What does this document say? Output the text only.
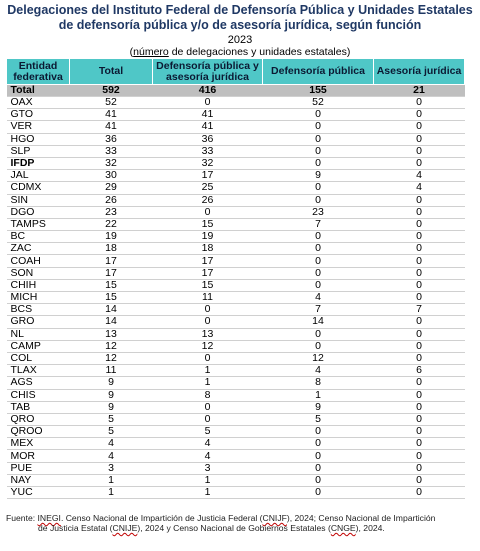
Delegaciones del Instituto Federal de Defensoría Pública y Unidades Estatales
de defensoría pública y/o de asesoría jurídica, según función
2023
(número de delegaciones y unidades estatales)
Entidad federativa	Total	Defensoría pública y asesoría jurídica	Defensoría pública	Asesoría jurídica
Total	592	416	155	21
OAX	52	0	52	0
GTO	41	41	0	0
VER	41	41	0	0
HGO	36	36	0	0
SLP	33	33	0	0
IFDP	32	32	0	0
JAL	30	17	9	4
CDMX	29	25	0	4
SIN	26	26	0	0
DGO	23	0	23	0
TAMPS	22	15	7	0
BC	19	19	0	0
ZAC	18	18	0	0
COAH	17	17	0	0
SON	17	17	0	0
CHIH	15	15	0	0
MICH	15	11	4	0
BCS	14	0	7	7
GRO	14	0	14	0
NL	13	13	0	0
CAMP	12	12	0	0
COL	12	0	12	0
TLAX	11	1	4	6
AGS	9	1	8	0
CHIS	9	8	1	0
TAB	9	0	9	0
QRO	5	0	5	0
QROO	5	5	0	0
MEX	4	4	0	0
MOR	4	4	0	0
PUE	3	3	0	0
NAY	1	1	0	0
YUC	1	1	0	0
Fuente: INEGI. Censo Nacional de Impartición de Justicia Federal (CNIJF), 2024; Censo Nacional de Impartición
de Justicia Estatal (CNIJE), 2024 y Censo Nacional de Gobiernos Estatales (CNGE), 2024.
